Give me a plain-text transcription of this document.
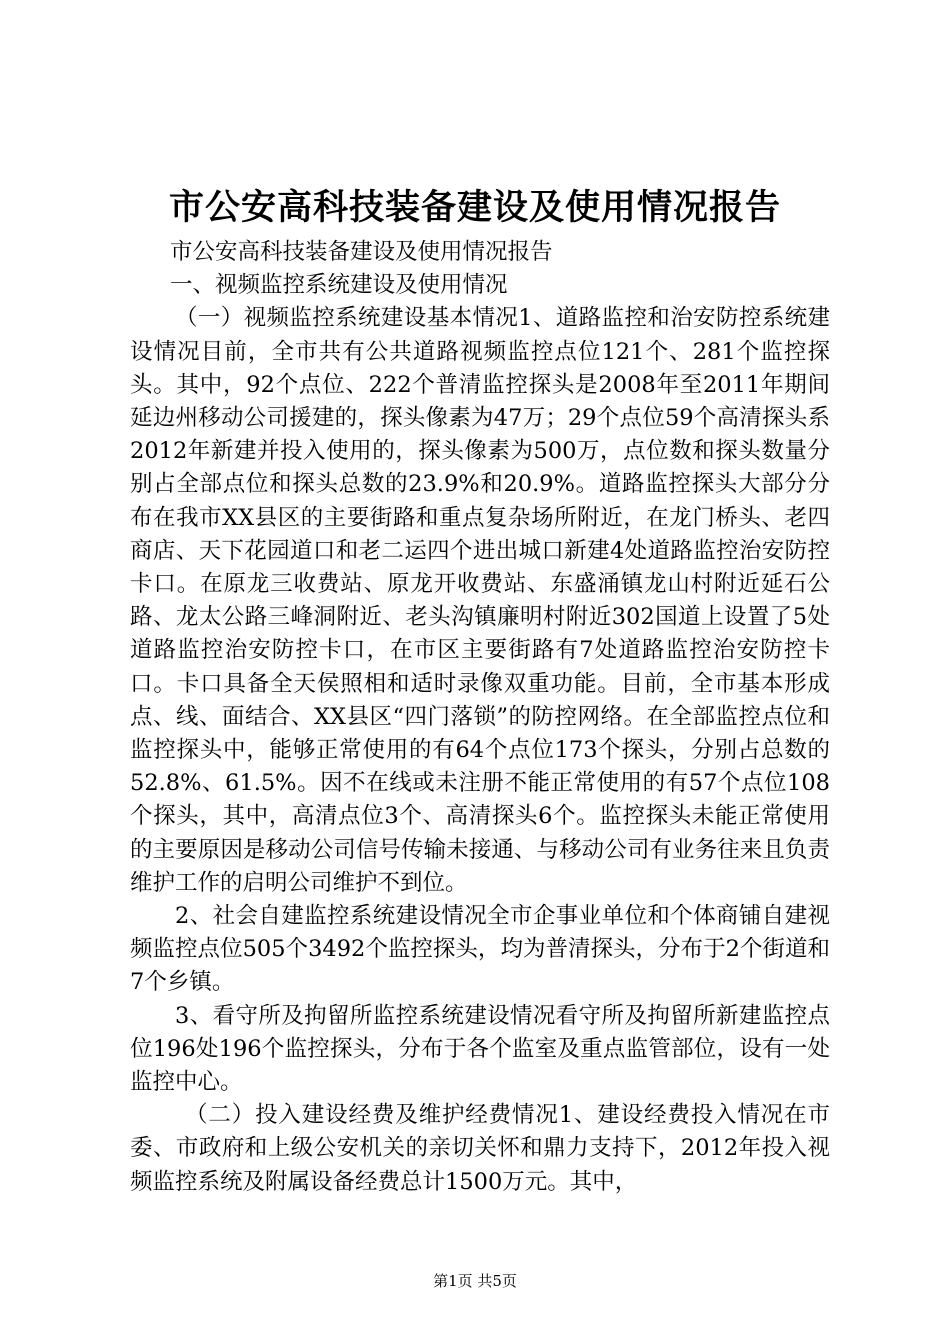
市公安高科技装备建设及使用情况报告

市公安高科技装备建设及使用情况报告

一、视频监控系统建设及使用情况

（一）视频监控系统建设基本情况1、道路监控和治安防控系统建设情况目前，全市共有公共道路视频监控点位121个、281个监控探头。其中，92个点位、222个普清监控探头是2008年至2011年期间延边州移动公司援建的，探头像素为47万；29个点位59个高清探头系2012年新建并投入使用的，探头像素为500万，点位数和探头数量分别占全部点位和探头总数的23.9%和20.9%。道路监控探头大部分分布在我市XX县区的主要街路和重点复杂场所附近，在龙门桥头、老四商店、天下花园道口和老二运四个进出城口新建4处道路监控治安防控卡口。在原龙三收费站、原龙开收费站、东盛涌镇龙山村附近延石公路、龙太公路三峰洞附近、老头沟镇廉明村附近302国道上设置了5处道路监控治安防控卡口，在市区主要街路有7处道路监控治安防控卡口。卡口具备全天侯照相和适时录像双重功能。目前，全市基本形成点、线、面结合、XX县区“四门落锁”的防控网络。在全部监控点位和监控探头中，能够正常使用的有64个点位173个探头，分别占总数的52.8%、61.5%。因不在线或未注册不能正常使用的有57个点位108个探头，其中，高清点位3个、高清探头6个。监控探头未能正常使用的主要原因是移动公司信号传输未接通、与移动公司有业务往来且负责维护工作的启明公司维护不到位。

2、社会自建监控系统建设情况全市企事业单位和个体商铺自建视频监控点位505个3492个监控探头，均为普清探头，分布于2个街道和7个乡镇。

3、看守所及拘留所监控系统建设情况看守所及拘留所新建监控点位196处196个监控探头，分布于各个监室及重点监管部位，设有一处监控中心。

（二）投入建设经费及维护经费情况1、建设经费投入情况在市委、市政府和上级公安机关的亲切关怀和鼎力支持下，2012年投入视频监控系统及附属设备经费总计1500万元。其中，

第1页 共5页
